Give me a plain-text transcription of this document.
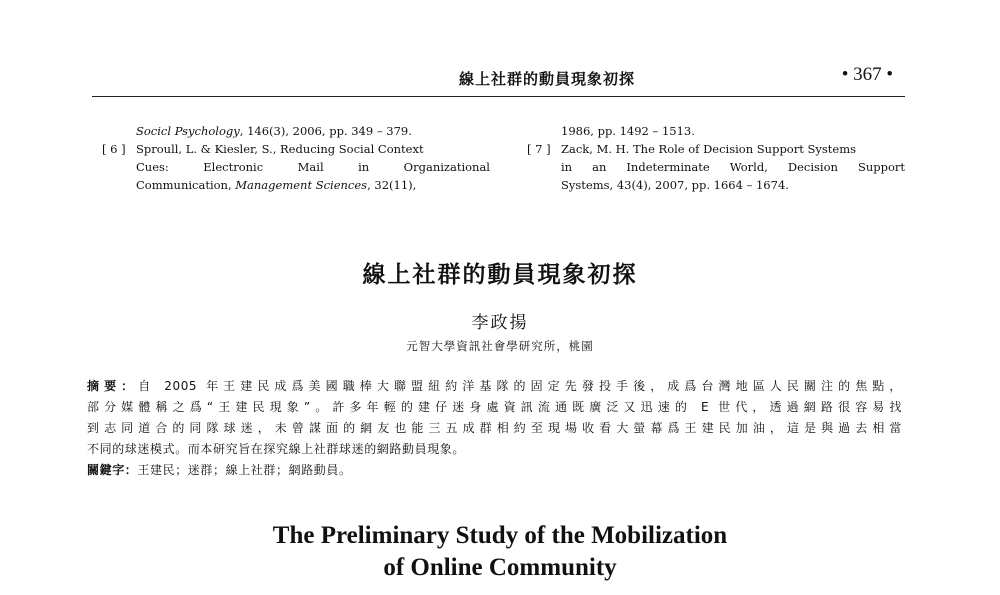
線上社群的動員現象初探	• 367 •
Socicl Psychology, 146(3), 2006, pp. 349 – 379.
[ 6 ] Sproull, L. & Kiesler, S., Reducing Social Context
Cues: Electronic Mail in Organizational
Communication, Management Sciences, 32(11),
1986, pp. 1492 – 1513.
[ 7 ] Zack, M. H. The Role of Decision Support Systems
in an Indeterminate World, Decision Support
Systems, 43(4), 2007, pp. 1664 – 1674.
線上社群的動員現象初探
李政揚
元智大學資訊社會學研究所，桃園
摘要：自 2005 年王建民成爲美國職棒大聯盟紐約洋基隊的固定先發投手後，成爲台灣地區人民關注的焦點，
部分媒體稱之爲“王建民現象”。許多年輕的建仔迷身處資訊流通既廣泛又迅速的 E 世代，透過網路很容易找
到志同道合的同隊球迷，未曾謀面的網友也能三五成群相約至現場收看大螢幕爲王建民加油，這是與過去相當
不同的球迷模式。而本研究旨在探究線上社群球迷的網路動員現象。
關鍵字：王建民；迷群；線上社群；網路動員。
The Preliminary Study of the Mobilization
of Online Community
